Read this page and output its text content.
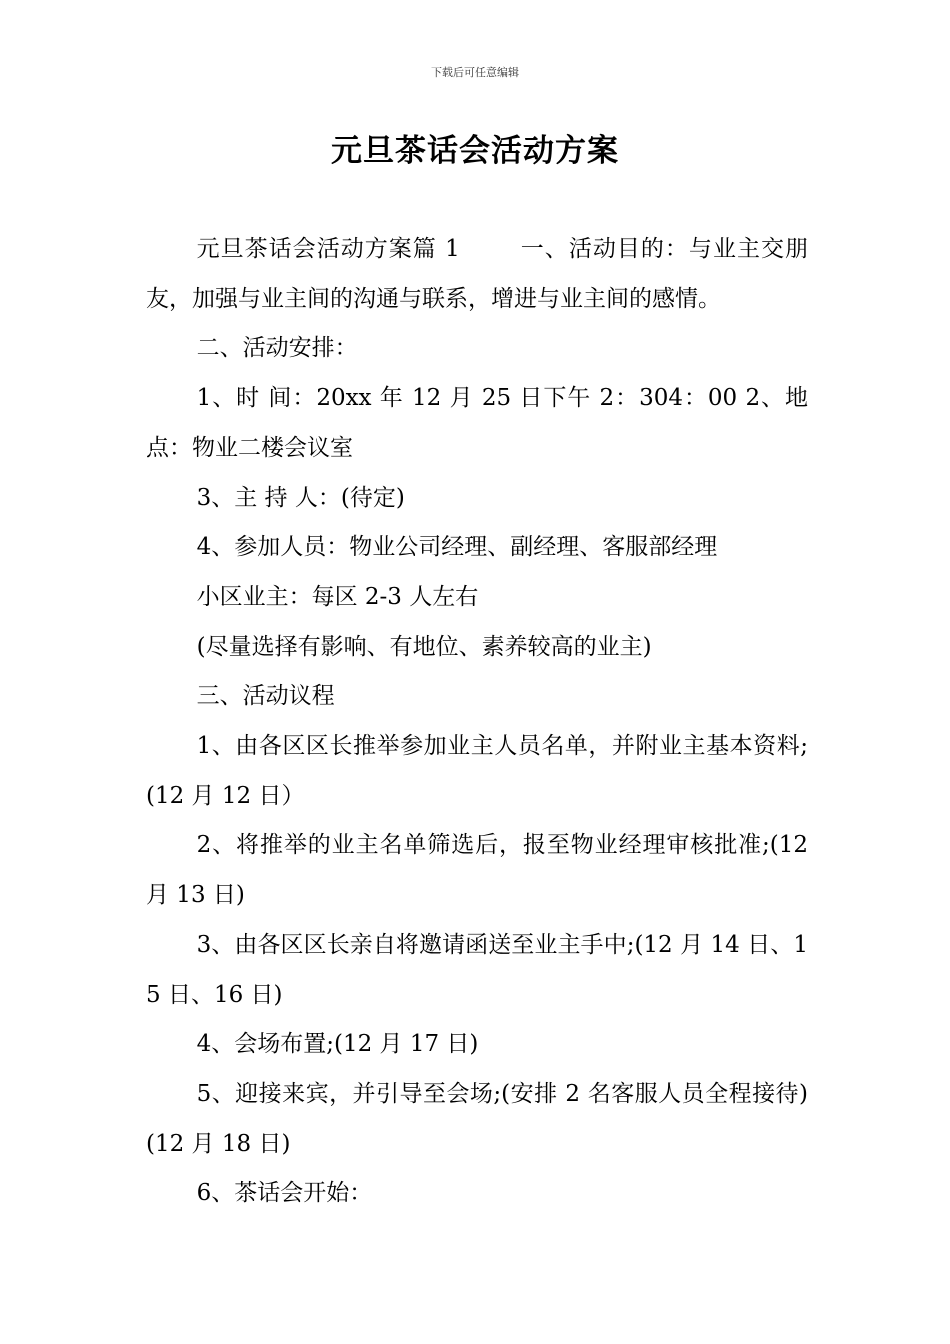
下载后可任意编辑
元旦茶话会活动方案

元旦茶话会活动方案篇 1	一、活动目的：与业主交朋友，加强与业主间的沟通与联系，增进与业主间的感情。

二、活动安排：

1、时 间：20xx 年 12 月 25 日下午 2：304：00 2、地点：物业二楼会议室

3、主 持 人：(待定)

4、参加人员：物业公司经理、副经理、客服部经理

小区业主：每区 2-3 人左右

(尽量选择有影响、有地位、素养较高的业主)

三、活动议程

1、由各区区长推举参加业主人员名单，并附业主基本资料;(12 月 12 日）

2、将推举的业主名单筛选后，报至物业经理审核批准;(12 月 13 日)

3、由各区区长亲自将邀请函送至业主手中;(12 月 14 日、15 日、16 日)

4、会场布置;(12 月 17 日)

5、迎接来宾，并引导至会场;(安排 2 名客服人员全程接待)(12 月 18 日)

6、茶话会开始：
